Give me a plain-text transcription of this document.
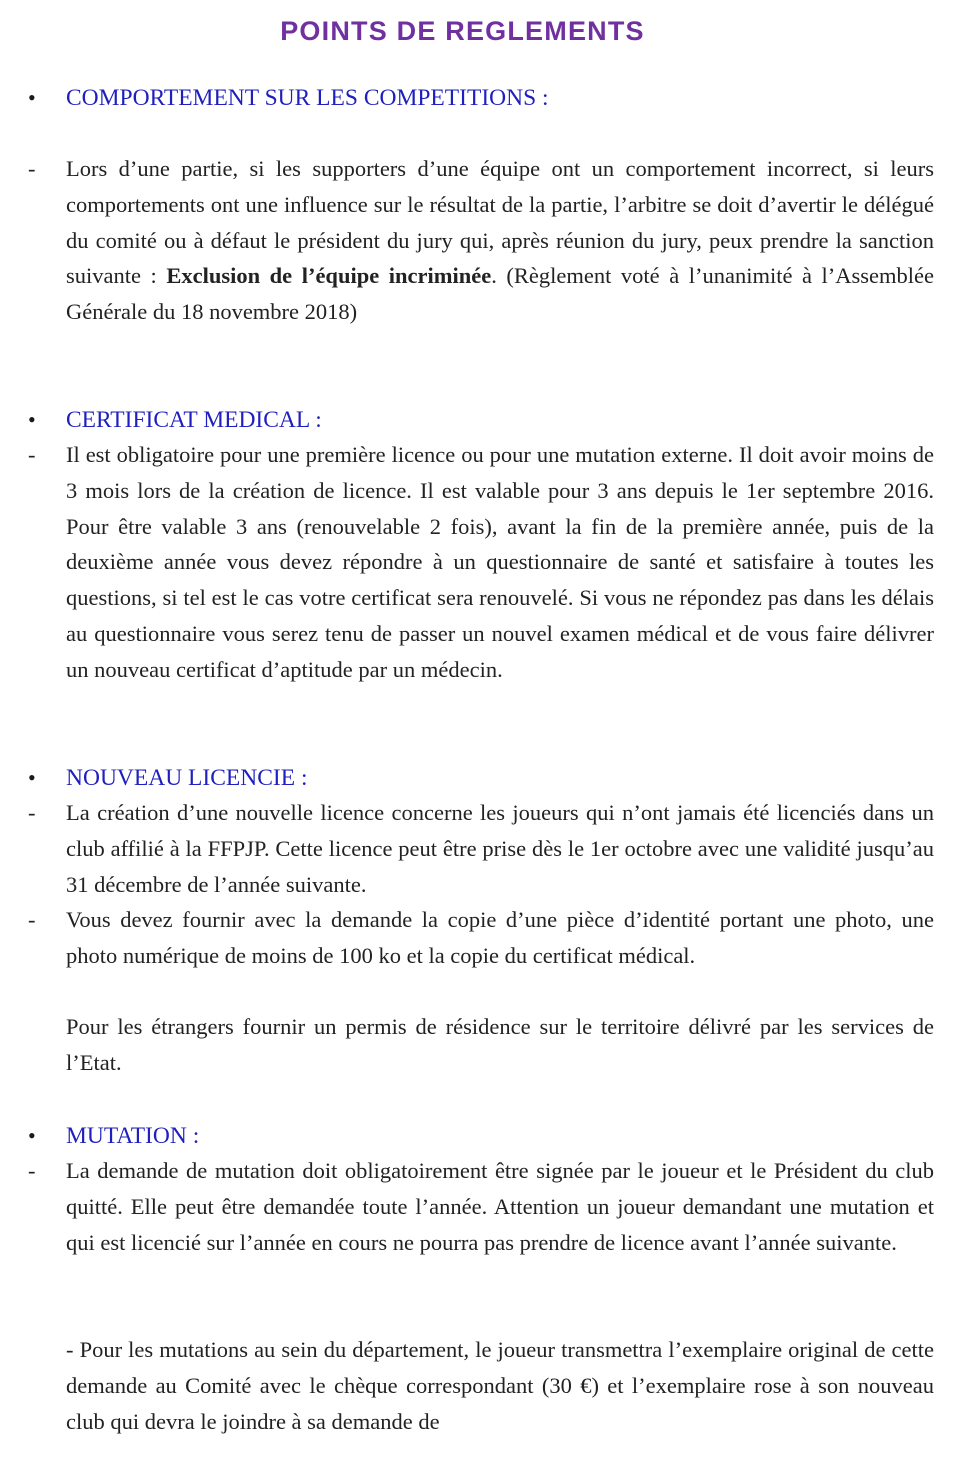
POINTS DE REGLEMENTS
• COMPORTEMENT SUR LES COMPETITIONS :
- Lors d’une partie, si les supporters d’une équipe ont un comportement incorrect, si leurs comportements ont une influence sur le résultat de la partie, l’arbitre se doit d’avertir le délégué du comité ou à défaut le président du jury qui, après réunion du jury, peux prendre la sanction suivante : Exclusion de l’équipe incriminée. (Règlement voté à l’unanimité à l’Assemblée Générale du 18 novembre 2018)

• CERTIFICAT MEDICAL :
- Il est obligatoire pour une première licence ou pour une mutation externe. Il doit avoir moins de 3 mois lors de la création de licence. Il est valable pour 3 ans depuis le 1er septembre 2016. Pour être valable 3 ans (renouvelable 2 fois), avant la fin de la première année, puis de la deuxième année vous devez répondre à un questionnaire de santé et satisfaire à toutes les questions, si tel est le cas votre certificat sera renouvelé. Si vous ne répondez pas dans les délais au questionnaire vous serez tenu de passer un nouvel examen médical et de vous faire délivrer un nouveau certificat d’aptitude par un médecin.

• NOUVEAU LICENCIE :
- La création d’une nouvelle licence concerne les joueurs qui n’ont jamais été licenciés dans un club affilié à la FFPJP. Cette licence peut être prise dès le 1er octobre avec une validité jusqu’au 31 décembre de l’année suivante.

- Vous devez fournir avec la demande la copie d’une pièce d’identité portant une photo, une photo numérique de moins de 100 ko et la copie du certificat médical.

Pour les étrangers fournir un permis de résidence sur le territoire délivré par les services de l’Etat.

• MUTATION :
- La demande de mutation doit obligatoirement être signée par le joueur et le Président du club quitté. Elle peut être demandée toute l’année. Attention un joueur demandant une mutation et qui est licencié sur l’année en cours ne pourra pas prendre de licence avant l’année suivante.

- Pour les mutations au sein du département, le joueur transmettra l’exemplaire original de cette demande au Comité avec le chèque correspondant (30 €) et l’exemplaire rose à son nouveau club qui devra le joindre à sa demande de
